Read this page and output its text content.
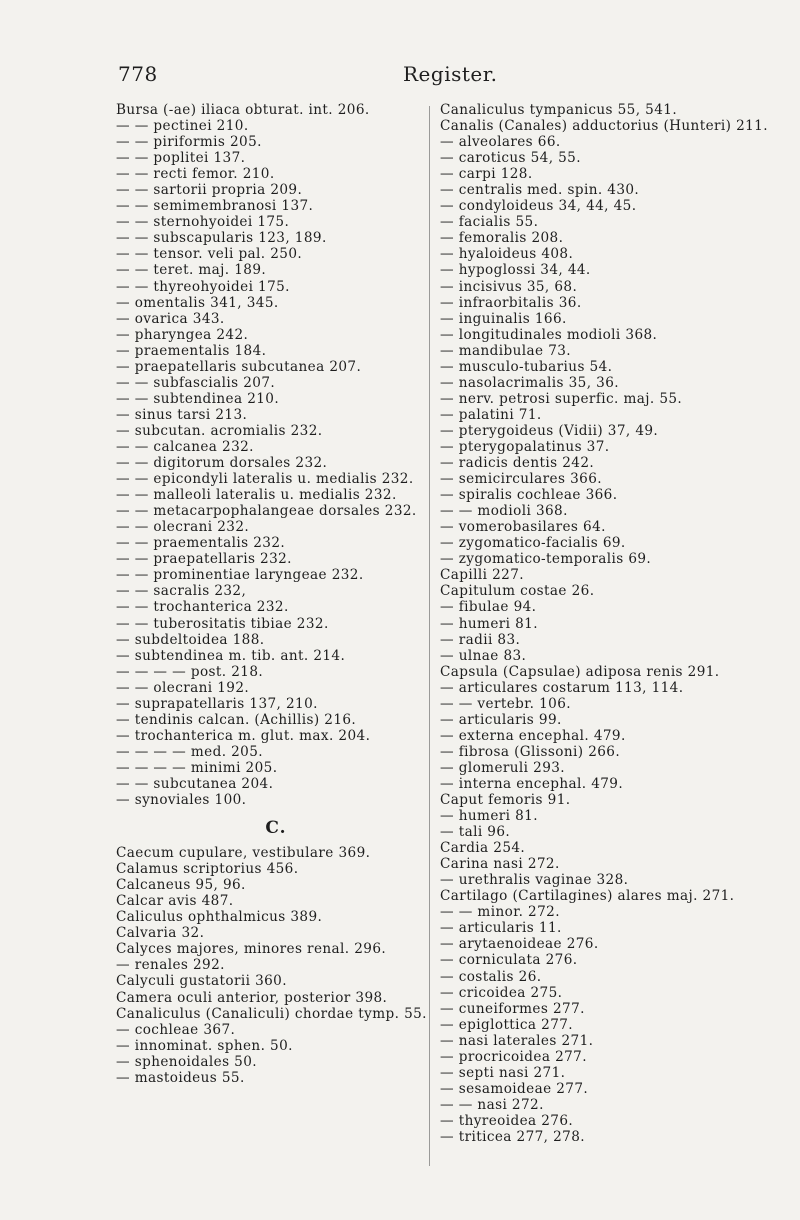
778	Register.
Bursa (-ae) iliaca obturat. int. 206.
— — pectinei 210.
— — piriformis 205.
— — poplitei 137.
— — recti femor. 210.
— — sartorii propria 209.
— — semimembranosi 137.
— — sternohyoidei 175.
— — subscapularis 123, 189.
— — tensor. veli pal. 250.
— — teret. maj. 189.
— — thyreohyoidei 175.
— omentalis 341, 345.
— ovarica 343.
— pharyngea 242.
— praementalis 184.
— praepatellaris subcutanea 207.
— — subfascialis 207.
— — subtendinea 210.
— sinus tarsi 213.
— subcutan. acromialis 232.
— — calcanea 232.
— — digitorum dorsales 232.
— — epicondyli lateralis u. medialis 232.
— — malleoli lateralis u. medialis 232.
— — metacarpophalangeae dorsales 232.
— — olecrani 232.
— — praementalis 232.
— — praepatellaris 232.
— — prominentiae laryngeae 232.
— — sacralis 232,
— — trochanterica 232.
— — tuberositatis tibiae 232.
— subdeltoidea 188.
— subtendinea m. tib. ant. 214.
— — — — post. 218.
— — olecrani 192.
— suprapatellaris 137, 210.
— tendinis calcan. (Achillis) 216.
— trochanterica m. glut. max. 204.
— — — — med. 205.
— — — — minimi 205.
— — subcutanea 204.
— synoviales 100.
C.
Caecum cupulare, vestibulare 369.
Calamus scriptorius 456.
Calcaneus 95, 96.
Calcar avis 487.
Caliculus ophthalmicus 389.
Calvaria 32.
Calyces majores, minores renal. 296.
— renales 292.
Calyculi gustatorii 360.
Camera oculi anterior, posterior 398.
Canaliculus (Canaliculi) chordae tymp. 55.
— cochleae 367.
— innominat. sphen. 50.
— sphenoidales 50.
— mastoideus 55.
Canaliculus tympanicus 55, 541.
Canalis (Canales) adductorius (Hunteri) 211.
— alveolares 66.
— caroticus 54, 55.
— carpi 128.
— centralis med. spin. 430.
— condyloideus 34, 44, 45.
— facialis 55.
— femoralis 208.
— hyaloideus 408.
— hypoglossi 34, 44.
— incisivus 35, 68.
— infraorbitalis 36.
— inguinalis 166.
— longitudinales modioli 368.
— mandibulae 73.
— musculo-tubarius 54.
— nasolacrimalis 35, 36.
— nerv. petrosi superfic. maj. 55.
— palatini 71.
— pterygoideus (Vidii) 37, 49.
— pterygopalatinus 37.
— radicis dentis 242.
— semicirculares 366.
— spiralis cochleae 366.
— — modioli 368.
— vomerobasilares 64.
— zygomatico-facialis 69.
— zygomatico-temporalis 69.
Capilli 227.
Capitulum costae 26.
— fibulae 94.
— humeri 81.
— radii 83.
— ulnae 83.
Capsula (Capsulae) adiposa renis 291.
— articulares costarum 113, 114.
— — vertebr. 106.
— articularis 99.
— externa encephal. 479.
— fibrosa (Glissoni) 266.
— glomeruli 293.
— interna encephal. 479.
Caput femoris 91.
— humeri 81.
— tali 96.
Cardia 254.
Carina nasi 272.
— urethralis vaginae 328.
Cartilago (Cartilagines) alares maj. 271.
— — minor. 272.
— articularis 11.
— arytaenoideae 276.
— corniculata 276.
— costalis 26.
— cricoidea 275.
— cuneiformes 277.
— epiglottica 277.
— nasi laterales 271.
— procricoidea 277.
— septi nasi 271.
— sesamoideae 277.
— — nasi 272.
— thyreoidea 276.
— triticea 277, 278.
